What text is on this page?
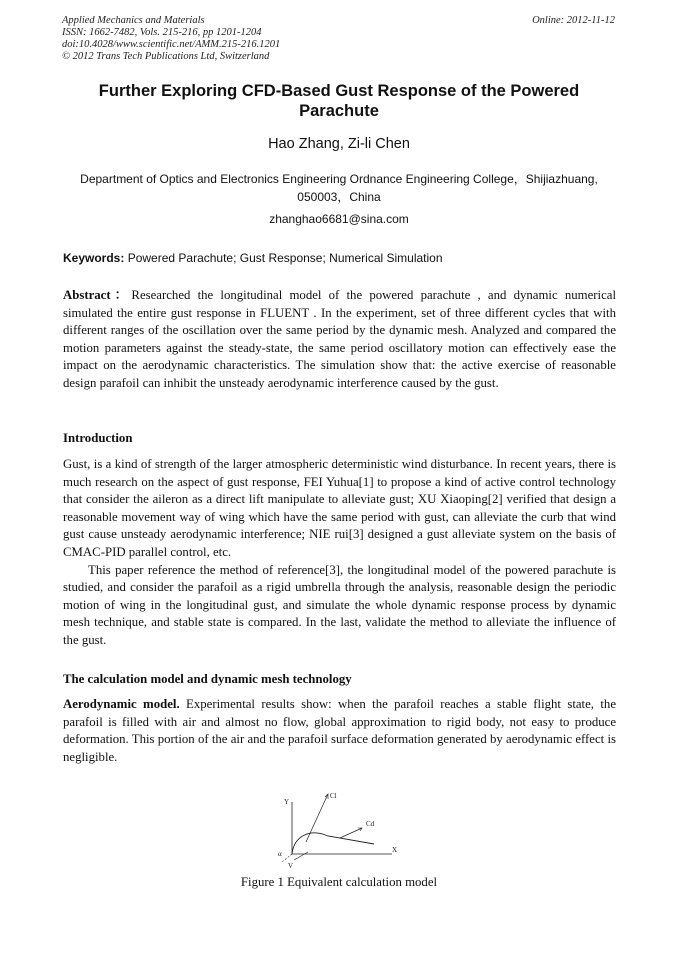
Applied Mechanics and Materials	Online: 2012-11-12
ISSN: 1662-7482, Vols. 215-216, pp 1201-1204
doi:10.4028/www.scientific.net/AMM.215-216.1201
© 2012 Trans Tech Publications Ltd, Switzerland
Further Exploring CFD-Based Gust Response of the Powered Parachute
Hao Zhang, Zi-li Chen
Department of Optics and Electronics Engineering Ordnance Engineering College，Shijiazhuang, 050003，China
zhanghao6681@sina.com
Keywords: Powered Parachute; Gust Response; Numerical Simulation
Abstract：Researched the longitudinal model of the powered parachute , and dynamic numerical simulated the entire gust response in FLUENT . In the experiment, set of three different cycles that with different ranges of the oscillation over the same period by the dynamic mesh. Analyzed and compared the motion parameters against the steady-state, the same period oscillatory motion can effectively ease the impact on the aerodynamic characteristics. The simulation show that: the active exercise of reasonable design parafoil can inhibit the unsteady aerodynamic interference caused by the gust.
Introduction

Gust, is a kind of strength of the larger atmospheric deterministic wind disturbance. In recent years, there is much research on the aspect of gust response, FEI Yuhua[1] to propose a kind of active control technology that consider the aileron as a direct lift manipulate to alleviate gust; XU Xiaoping[2] verified that design a reasonable movement way of wing which have the same period with gust, can alleviate the curb that wind gust cause unsteady aerodynamic interference; NIE rui[3] designed a gust alleviate system on the basis of CMAC-PID parallel control, etc.

This paper reference the method of reference[3], the longitudinal model of the powered parachute is studied, and consider the parafoil as a rigid umbrella through the analysis, reasonable design the periodic motion of wing in the longitudinal gust, and simulate the whole dynamic response process by dynamic mesh technique, and stable state is compared. In the last, validate the method to alleviate the influence of the gust.

The calculation model and dynamic mesh technology
Aerodynamic model. Experimental results show: when the parafoil reaches a stable flight state, the parafoil is filled with air and almost no flow, global approximation to rigid body, not easy to produce deformation. This portion of the air and the parafoil surface deformation generated by aerodynamic effect is negligible.
Y
X
Cl
Cd
α
V
Figure 1 Equivalent calculation model
